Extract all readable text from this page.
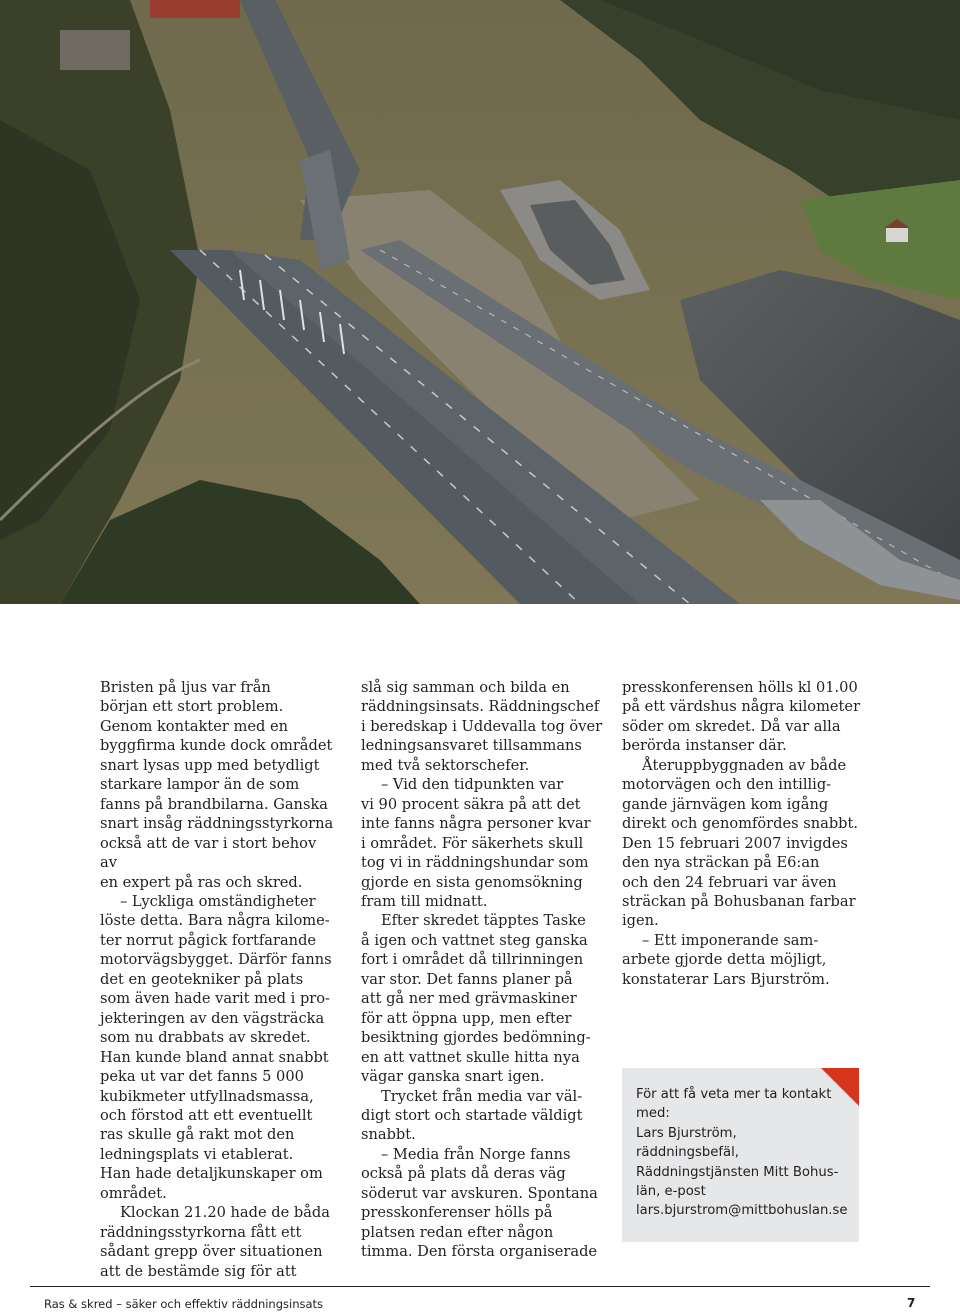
Bristen på ljus var från
början ett stort problem.
Genom kontakter med en
byggfirma kunde dock området
snart lysas upp med betydligt
starkare lampor än de som
fanns på brandbilarna. Ganska
snart insåg räddningsstyrkorna
också att de var i stort behov av
en expert på ras och skred.

– Lyckliga omständigheter
löste detta. Bara några kilome-
ter norrut pågick fortfarande
motorvägsbygget. Därför fanns
det en geotekniker på plats
som även hade varit med i pro-
jekteringen av den vägsträcka
som nu drabbats av skredet.
Han kunde bland annat snabbt
peka ut var det fanns 5 000
kubikmeter utfyllnadsmassa,
och förstod att ett eventuellt
ras skulle gå rakt mot den
ledningsplats vi etablerat.
Han hade detaljkunskaper om
området.

Klockan 21.20 hade de båda
räddningsstyrkorna fått ett
sådant grepp över situationen
att de bestämde sig för att

slå sig samman och bilda en
räddningsinsats. Räddningschef
i beredskap i Uddevalla tog över
ledningsansvaret tillsammans
med två sektorschefer.

– Vid den tidpunkten var
vi 90 procent säkra på att det
inte fanns några personer kvar
i området. För säkerhets skull
tog vi in räddningshundar som
gjorde en sista genomsökning
fram till midnatt.

Efter skredet täpptes Taske
å igen och vattnet steg ganska
fort i området då tillrinningen
var stor. Det fanns planer på
att gå ner med grävmaskiner
för att öppna upp, men efter
besiktning gjordes bedömning-
en att vattnet skulle hitta nya
vägar ganska snart igen.

Trycket från media var väl-
digt stort och startade väldigt
snabbt.

– Media från Norge fanns
också på plats då deras väg
söderut var avskuren. Spontana
presskonferenser hölls på
platsen redan efter någon
timma. Den första organiserade

presskonferensen hölls kl 01.00
på ett värdshus några kilometer
söder om skredet. Då var alla
berörda instanser där.

Återuppbyggnaden av både
motorvägen och den intillig-
gande järnvägen kom igång
direkt och genomfördes snabbt.
Den 15 februari 2007 invigdes
den nya sträckan på E6:an
och den 24 februari var även
sträckan på Bohusbanan farbar
igen.

– Ett imponerande sam-
arbete gjorde detta möjligt,
konstaterar Lars Bjurström.

För att få veta mer ta kontakt
med:
Lars Bjurström,
räddningsbefäl,
Räddningstjänsten Mitt Bohus-
län, e-post
lars.bjurstrom@mittbohuslan.se
Ras & skred – säker och effektiv räddningsinsats	7
